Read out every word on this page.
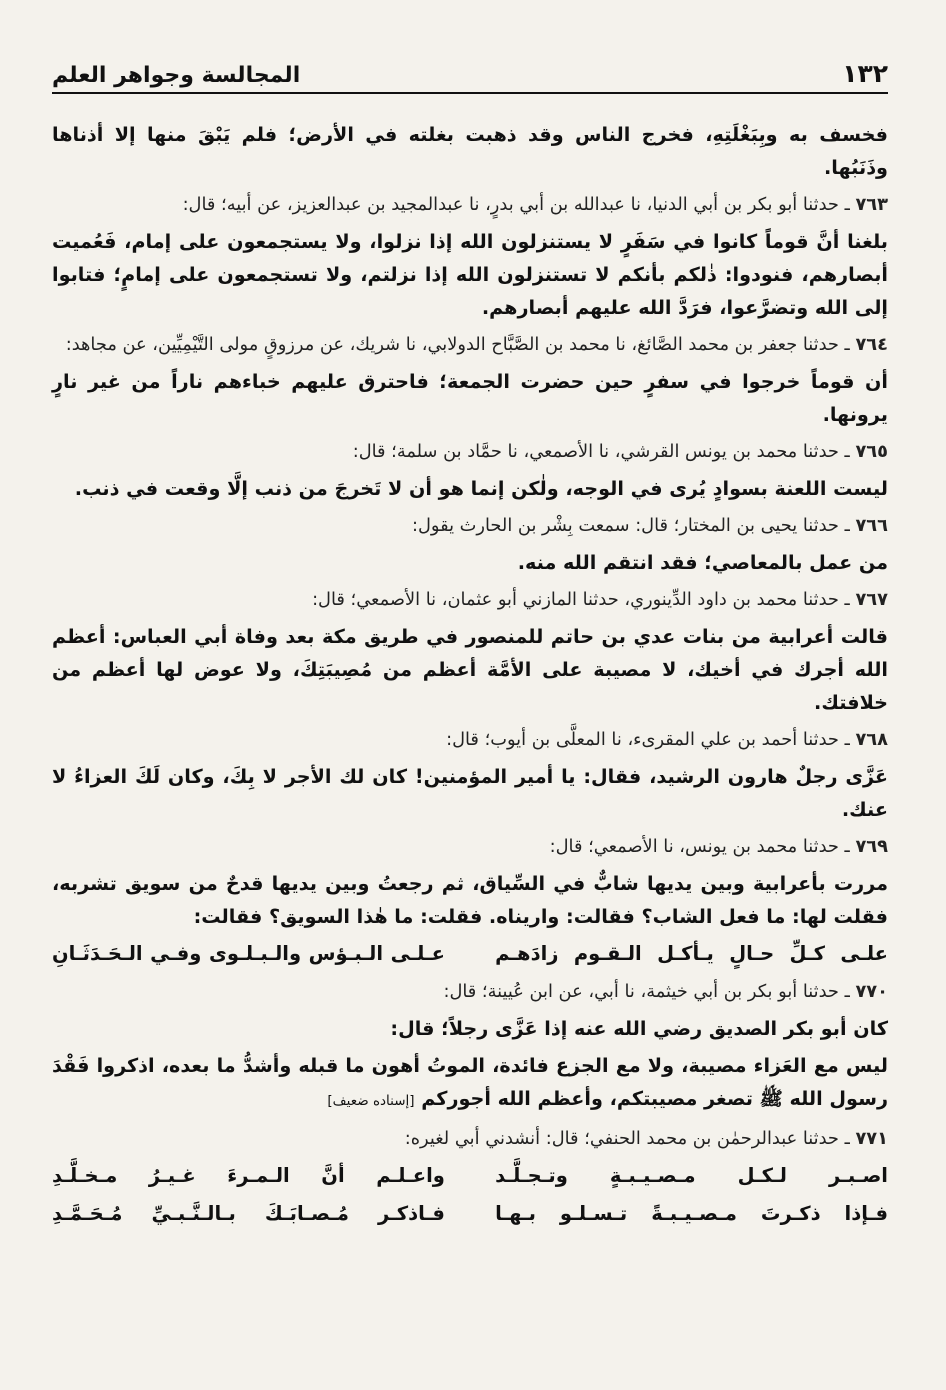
١٣٢
المجالسة وجواهر العلم

فخسف به وبِبَغْلَتِهِ، فخرج الناس وقد ذهبت بغلته في الأرض؛ فلم يَبْقَ منها إلا أذناها وذَنَبُها.

٧٦٣ ـ حدثنا أبو بكر بن أبي الدنيا، نا عبدالله بن أبي بدرٍ، نا عبدالمجيد بن عبدالعزيز، عن أبيه؛ قال:

بلغنا أنَّ قوماً كانوا في سَفَرٍ لا يستنزلون الله إذا نزلوا، ولا يستجمعون على إمام، فَعُميت أبصارهم، فنودوا: ذٰلكم بأنكم لا تستنزلون الله إذا نزلتم، ولا تستجمعون على إمامٍ؛ فتابوا إلى الله وتضرَّعوا، فرَدَّ الله عليهم أبصارهم.

٧٦٤ ـ حدثنا جعفر بن محمد الصَّائغ، نا محمد بن الصَّبَّاح الدولابي، نا شريك، عن مرزوقٍ مولى التَّيْمِيِّين، عن مجاهد:

أن قوماً خرجوا في سفرٍ حين حضرت الجمعة؛ فاحترق عليهم خباءهم ناراً من غير نارٍ يرونها.

٧٦٥ ـ حدثنا محمد بن يونس القرشي، نا الأصمعي، نا حمَّاد بن سلمة؛ قال:

ليست اللعنة بسوادٍ يُرى في الوجه، ولٰكن إنما هو أن لا تَخرجَ من ذنب إلَّا وقعت في ذنب.

٧٦٦ ـ حدثنا يحيى بن المختار؛ قال: سمعت بِشْر بن الحارث يقول:

من عمل بالمعاصي؛ فقد انتقم الله منه.

٧٦٧ ـ حدثنا محمد بن داود الدِّينوري، حدثنا المازني أبو عثمان، نا الأصمعي؛ قال:

قالت أعرابية من بنات عدي بن حاتم للمنصور في طريق مكة بعد وفاة أبي العباس: أعظم الله أجرك في أخيك، لا مصيبة على الأمَّة أعظم من مُصِيبَتِكَ، ولا عوض لها أعظم من خلافتك.

٧٦٨ ـ حدثنا أحمد بن علي المقرىء، نا المعلَّى بن أيوب؛ قال:

عَزَّى رجلٌ هارون الرشيد، فقال: يا أمير المؤمنين! كان لك الأجر لا بِكَ، وكان لَكَ العزاءُ لا عنك.

٧٦٩ ـ حدثنا محمد بن يونس، نا الأصمعي؛ قال:

مررت بأعرابية وبين يديها شابٌّ في السِّياق، ثم رجعتُ وبين يديها قدحٌ من سويق تشربه، فقلت لها: ما فعل الشاب؟ فقالت: واريناه. فقلت: ما هٰذا السويق؟ فقالت:

علـى كـلِّ حـالٍ يـأكـل الـقـوم زادَهـم
عـلـى الـبـؤس والـبـلـوى وفـي الـحَـدَثَـانِ

٧٧٠ ـ حدثنا أبو بكر بن أبي خيثمة، نا أبي، عن ابن عُيينة؛ قال:

كان أبو بكر الصديق رضي الله عنه إذا عَزَّى رجلاً؛ قال:

ليس مع العَزاء مصيبة، ولا مع الجزع فائدة، الموتُ أهون ما قبله وأشدُّ ما بعده، اذكروا فَقْدَ رسول الله ﷺ تصغر مصيبتكم، وأعظم الله أجوركم [إسناده ضعيف]

٧٧١ ـ حدثنا عبدالرحمٰن بن محمد الحنفي؛ قال: أنشدني أبي لغيره:

اصـبـر لـكـل مـصـيـبـةٍ وتـجـلَّـد
واعـلـم أنَّ الـمـرءَ غـيـرُ مـخـلَّـدِ
فـإذا ذكـرتَ مـصـيـبـةً تـسـلـو بـهـا
فـاذكـر مُـصـابَـكَ بـالـنَّـبـيِّ مُـحَـمَّـدِ
